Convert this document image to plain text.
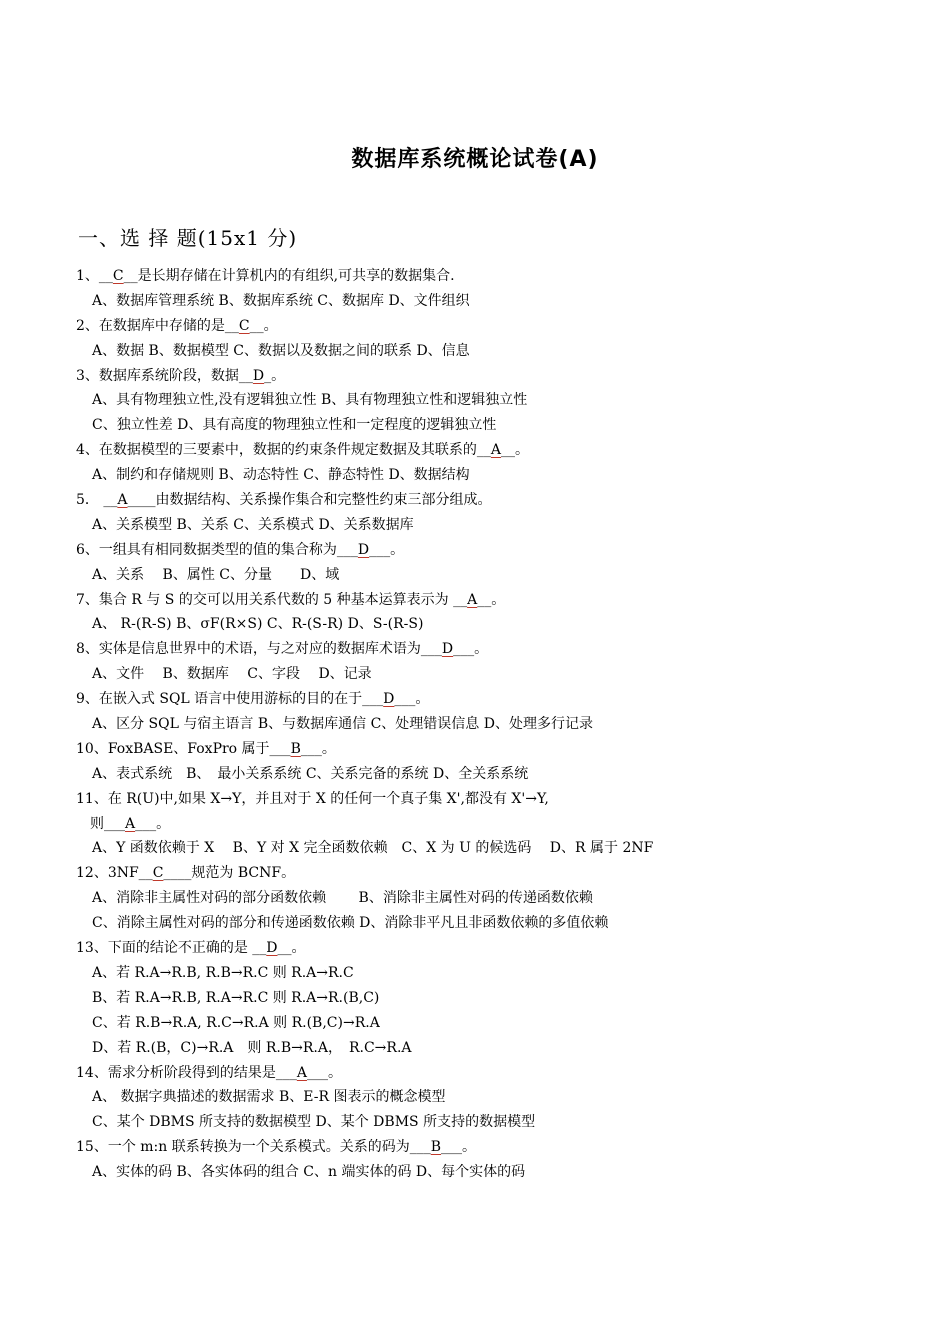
数据库系统概论试卷(A)
一、选 择 题(15x1 分)
1、__C__是长期存储在计算机内的有组织,可共享的数据集合.
A、数据库管理系统 B、数据库系统 C、数据库 D、文件组织
2、在数据库中存储的是__C__。
A、数据 B、数据模型 C、数据以及数据之间的联系 D、信息
3、数据库系统阶段，数据__D_。
A、具有物理独立性,没有逻辑独立性 B、具有物理独立性和逻辑独立性
C、独立性差 D、具有高度的物理独立性和一定程度的逻辑独立性
4、在数据模型的三要素中，数据的约束条件规定数据及其联系的__A__。
A、制约和存储规则 B、动态特性 C、静态特性 D、数据结构
5． __A____由数据结构、关系操作集合和完整性约束三部分组成。
A、关系模型 B、关系 C、关系模式 D、关系数据库
6、一组具有相同数据类型的值的集合称为___D___。
A、关系　 B、属性 C、分量　　D、域
7、集合 R 与 S 的交可以用关系代数的 5 种基本运算表示为 __A__。
A、 R-(R-S) B、σF(R×S) C、R-(S-R) D、S-(R-S)
8、实体是信息世界中的术语，与之对应的数据库术语为___D___。
A、文件　 B、数据库　 C、字段　 D、记录
9、在嵌入式 SQL 语言中使用游标的目的在于___D___。
A、区分 SQL 与宿主语言 B、与数据库通信 C、处理错误信息 D、处理多行记录
10、FoxBASE、FoxPro 属于___B___。
A、表式系统　B、　最小关系系统 C、关系完备的系统 D、全关系系统
11、在 R(U)中,如果 X→Y，并且对于 X 的任何一个真子集 X',都没有 X'→Y,
　则___A___。
A、Y 函数依赖于 X　 B、Y 对 X 完全函数依赖　C、X 为 U 的候选码　 D、R 属于 2NF
12、3NF__C____规范为 BCNF。
A、消除非主属性对码的部分函数依赖　　 B、消除非主属性对码的传递函数依赖
C、消除主属性对码的部分和传递函数依赖 D、消除非平凡且非函数依赖的多值依赖
13、下面的结论不正确的是 __D__。
A、若 R.A→R.B, R.B→R.C 则 R.A→R.C
B、若 R.A→R.B, R.A→R.C 则 R.A→R.(B,C)
C、若 R.B→R.A, R.C→R.A 则 R.(B,C)→R.A
D、若 R.(B，C)→R.A　则 R.B→R.A，　R.C→R.A
14、需求分析阶段得到的结果是___A___。
A、 数据字典描述的数据需求 B、E-R 图表示的概念模型
C、某个 DBMS 所支持的数据模型 D、某个 DBMS 所支持的数据模型
15、一个 m:n 联系转换为一个关系模式。关系的码为___B___。
A、实体的码 B、各实体码的组合 C、n 端实体的码 D、每个实体的码
